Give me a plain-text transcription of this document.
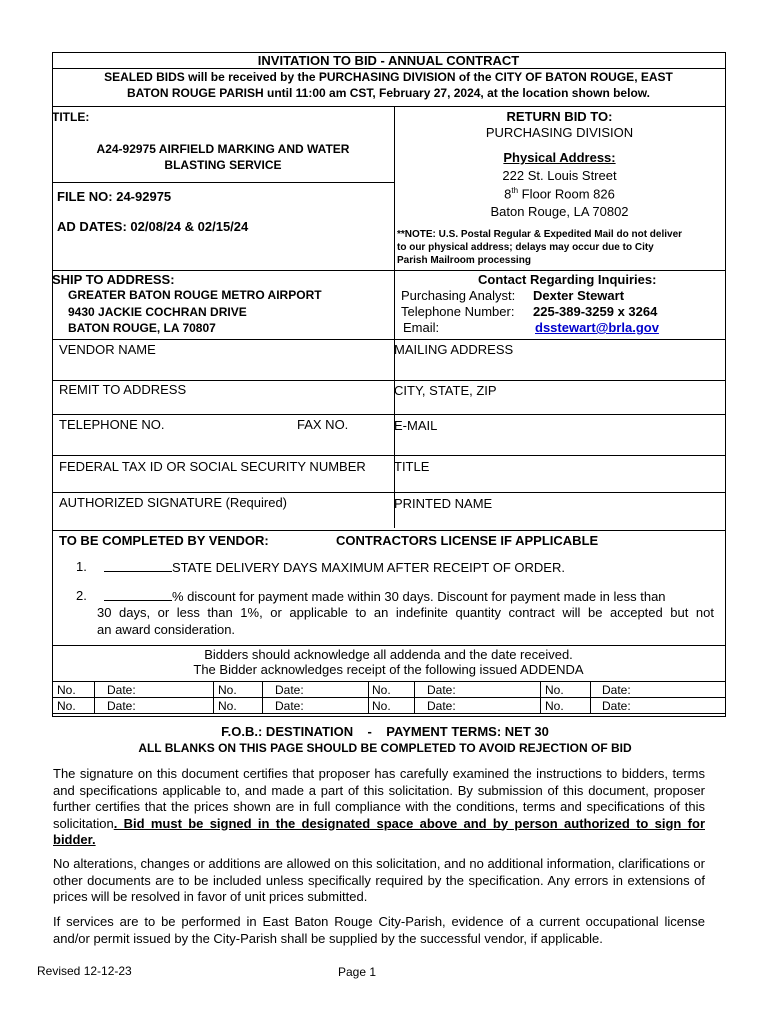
INVITATION TO BID - ANNUAL CONTRACT
SEALED BIDS will be received by the PURCHASING DIVISION of the CITY OF BATON ROUGE, EAST
BATON ROUGE PARISH until 11:00 am CST, February 27, 2024, at the location shown below.
TITLE:
A24-92975 AIRFIELD MARKING AND WATER
BLASTING SERVICE
FILE NO: 24-92975
AD DATES: 02/08/24 & 02/15/24
RETURN BID TO:
PURCHASING DIVISION
Physical Address:
222 St. Louis Street
8th Floor Room 826
Baton Rouge, LA 70802
**NOTE: U.S. Postal Regular & Expedited Mail do not deliver
to our physical address; delays may occur due to City
Parish Mailroom processing
SHIP TO ADDRESS:
GREATER BATON ROUGE METRO AIRPORT
9430 JACKIE COCHRAN DRIVE
BATON ROUGE, LA 70807
Contact Regarding Inquiries:
Purchasing Analyst: Dexter Stewart
Telephone Number: 225-389-3259 x 3264
Email:	dsstewart@brla.gov
VENDOR NAME	MAILING ADDRESS
REMIT TO ADDRESS	CITY, STATE, ZIP
TELEPHONE NO.	FAX NO.	E-MAIL
FEDERAL TAX ID OR SOCIAL SECURITY NUMBER TITLE
AUTHORIZED SIGNATURE (Required)	PRINTED NAME
TO BE COMPLETED BY VENDOR:	CONTRACTORS LICENSE IF APPLICABLE
1.	STATE DELIVERY DAYS MAXIMUM AFTER RECEIPT OF ORDER.
2.	% discount for payment made within 30 days. Discount for payment made in less than
30 days, or less than 1%, or applicable to an indefinite quantity contract will be accepted but not
an award consideration.
Bidders should acknowledge all addenda and the date received.
The Bidder acknowledges receipt of the following issued ADDENDA
No.	Date:	No.	Date:	No.	Date:	No.	Date:
No.	Date:	No.	Date:	No.	Date:	No.	Date:
F.O.B.: DESTINATION    -    PAYMENT TERMS: NET 30
ALL BLANKS ON THIS PAGE SHOULD BE COMPLETED TO AVOID REJECTION OF BID

The signature on this document certifies that proposer has carefully examined the instructions to bidders, terms and specifications applicable to, and made a part of this solicitation. By submission of this document, proposer further certifies that the prices shown are in full compliance with the conditions, terms and specifications of this solicitation. Bid must be signed in the designated space above and by person authorized to sign for bidder.

No alterations, changes or additions are allowed on this solicitation, and no additional information, clarifications or other documents are to be included unless specifically required by the specification. Any errors in extensions of prices will be resolved in favor of unit prices submitted.

If services are to be performed in East Baton Rouge City-Parish, evidence of a current occupational license and/or permit issued by the City-Parish shall be supplied by the successful vendor, if applicable.

Revised 12-12-23	Page 1
